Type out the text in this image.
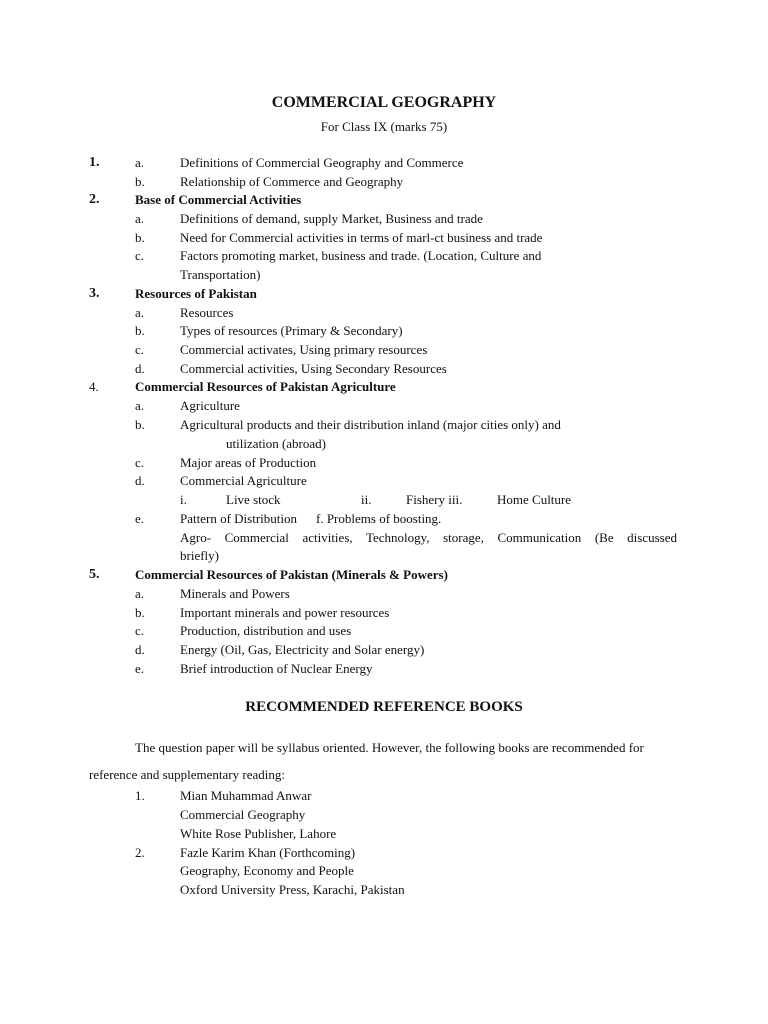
COMMERCIAL GEOGRAPHY
For Class IX (marks 75)
1.	a.	Definitions of Commercial Geography and Commerce
b.	Relationship of Commerce and Geography
2.	Base of Commercial Activities
a.	Definitions of demand, supply Market, Business and trade
b.	Need for Commercial activities in terms of marl-ct business and trade
c.	Factors promoting market, business and trade. (Location, Culture and
Transportation)
3.	Resources of Pakistan
a.	Resources
b.	Types of resources (Primary & Secondary)
c.	Commercial activates, Using primary resources
d.	Commercial activities, Using Secondary Resources
4.	Commercial Resources of Pakistan Agriculture
a.	Agriculture
b.	Agricultural products and their distribution inland (major cities only) and
utilization (abroad)
c.	Major areas of Production
d.	Commercial Agriculture
i.	Live stock	ii.	Fishery iii.	Home Culture
e.	Pattern of Distribution f. Problems of boosting.
Agro- Commercial activities, Technology, storage, Communication (Be discussed
briefly)
5.	Commercial Resources of Pakistan (Minerals & Powers)
a.	Minerals and Powers
b.	Important minerals and power resources
c.	Production, distribution and uses
d.	Energy (Oil, Gas, Electricity and Solar energy)
e.	Brief introduction of Nuclear Energy
RECOMMENDED REFERENCE BOOKS
The question paper will be syllabus oriented. However, the following books are recommended for
reference and supplementary reading:
1.	Mian Muhammad Anwar
Commercial Geography
White Rose Publisher, Lahore
2.	Fazle Karim Khan (Forthcoming)
Geography, Economy and People
Oxford University Press, Karachi, Pakistan
